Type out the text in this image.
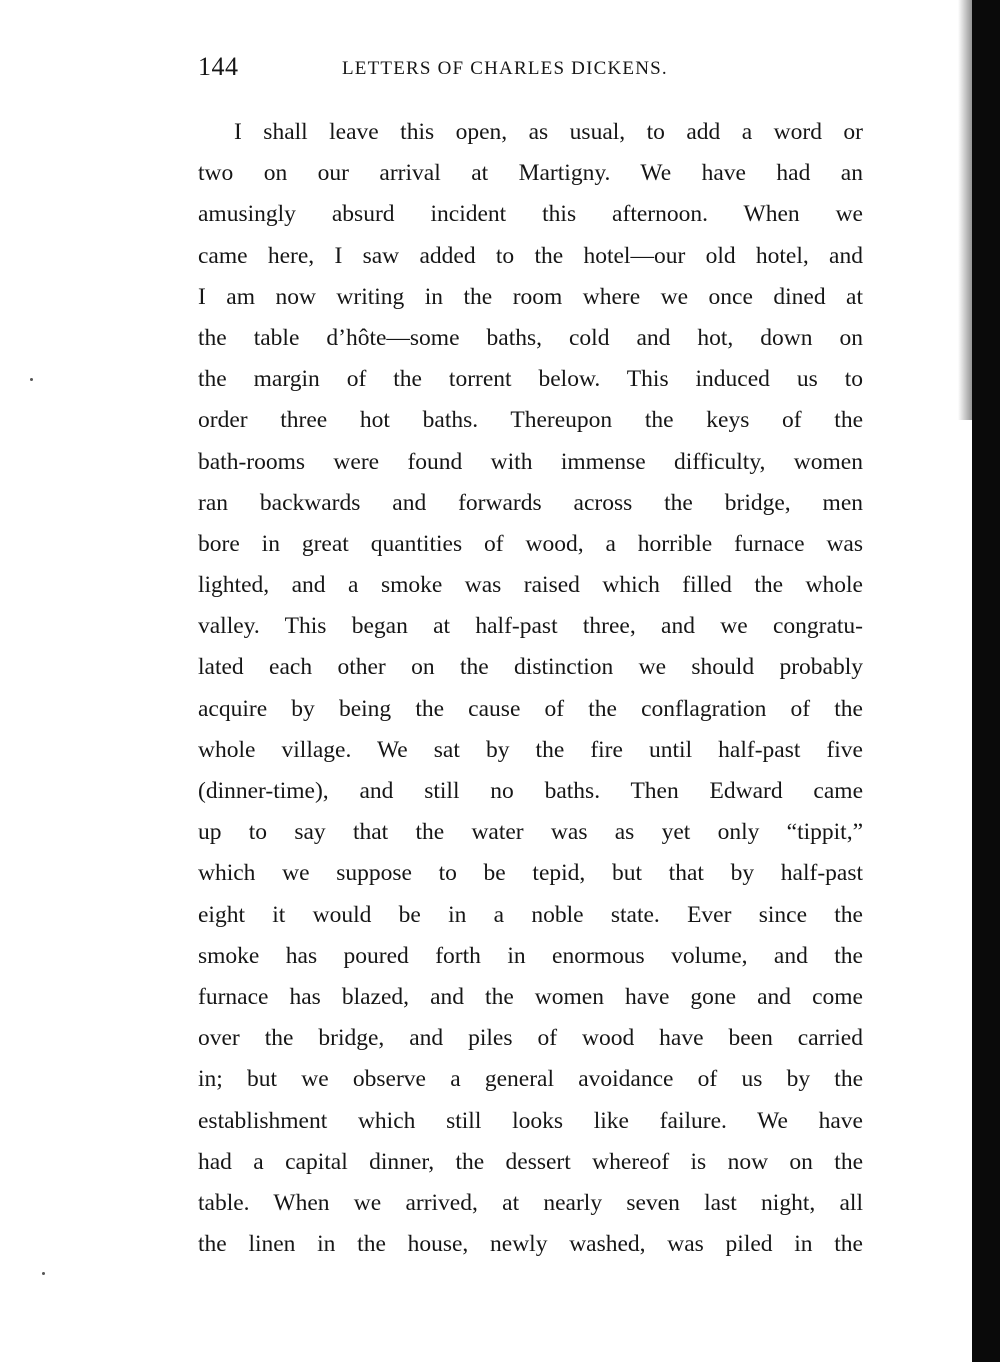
144	LETTERS OF CHARLES DICKENS.
I shall leave this open, as usual, to add a word or
two on our arrival at Martigny. We have had an
amusingly absurd incident this afternoon. When we
came here, I saw added to the hotel—our old hotel, and
I am now writing in the room where we once dined at
the table d’hôte—some baths, cold and hot, down on
the margin of the torrent below. This induced us to
order three hot baths. Thereupon the keys of the
bath-rooms were found with immense difficulty, women
ran backwards and forwards across the bridge, men
bore in great quantities of wood, a horrible furnace was
lighted, and a smoke was raised which filled the whole
valley. This began at half-past three, and we congratu-
lated each other on the distinction we should probably
acquire by being the cause of the conflagration of the
whole village. We sat by the fire until half-past five
(dinner-time), and still no baths. Then Edward came
up to say that the water was as yet only “tippit,”
which we suppose to be tepid, but that by half-past
eight it would be in a noble state. Ever since the
smoke has poured forth in enormous volume, and the
furnace has blazed, and the women have gone and come
over the bridge, and piles of wood have been carried
in; but we observe a general avoidance of us by the
establishment which still looks like failure. We have
had a capital dinner, the dessert whereof is now on the
table. When we arrived, at nearly seven last night, all
the linen in the house, newly washed, was piled in the
